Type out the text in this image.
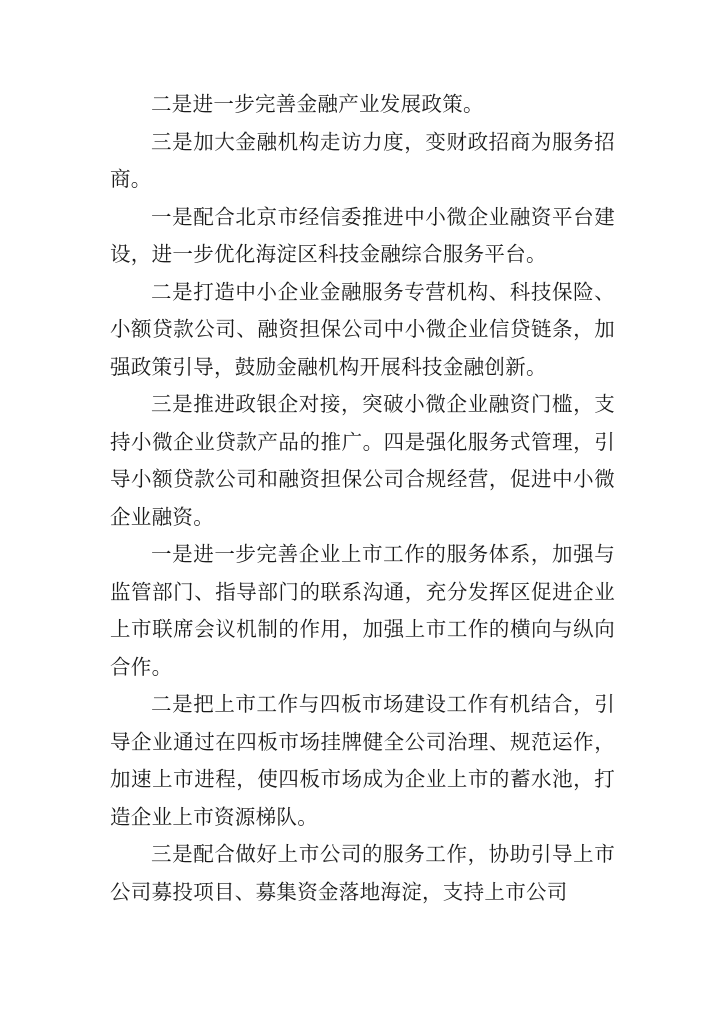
二是进一步完善金融产业发展政策。

三是加大金融机构走访力度，变财政招商为服务招商。

一是配合北京市经信委推进中小微企业融资平台建设，进一步优化海淀区科技金融综合服务平台。

二是打造中小企业金融服务专营机构、科技保险、小额贷款公司、融资担保公司中小微企业信贷链条，加强政策引导，鼓励金融机构开展科技金融创新。

三是推进政银企对接，突破小微企业融资门槛，支持小微企业贷款产品的推广。四是强化服务式管理，引导小额贷款公司和融资担保公司合规经营，促进中小微企业融资。

一是进一步完善企业上市工作的服务体系，加强与监管部门、指导部门的联系沟通，充分发挥区促进企业上市联席会议机制的作用，加强上市工作的横向与纵向合作。

二是把上市工作与四板市场建设工作有机结合，引导企业通过在四板市场挂牌健全公司治理、规范运作，加速上市进程，使四板市场成为企业上市的蓄水池，打造企业上市资源梯队。

三是配合做好上市公司的服务工作，协助引导上市公司募投项目、募集资金落地海淀，支持上市公司
